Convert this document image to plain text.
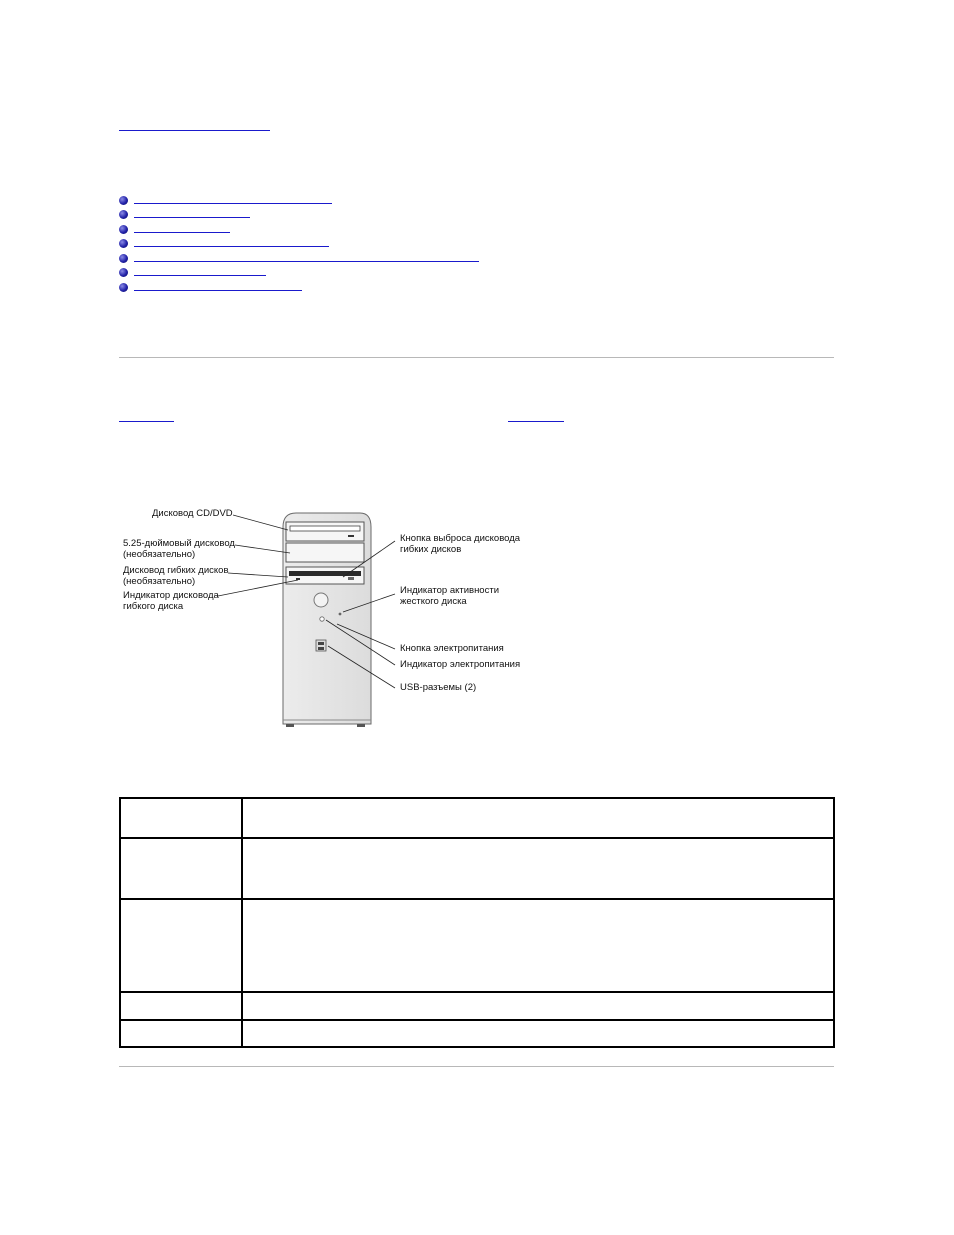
Дисковод CD/DVD
5.25-дюймовый дисковод
(необязательно)
Дисковод гибких дисков
(необязательно)
Индикатор дисковода
гибкого диска
Кнопка выброса дисковода
гибких дисков
Индикатор активности
жесткого диска
Кнопка электропитания
Индикатор электропитания
USB-разъемы (2)
